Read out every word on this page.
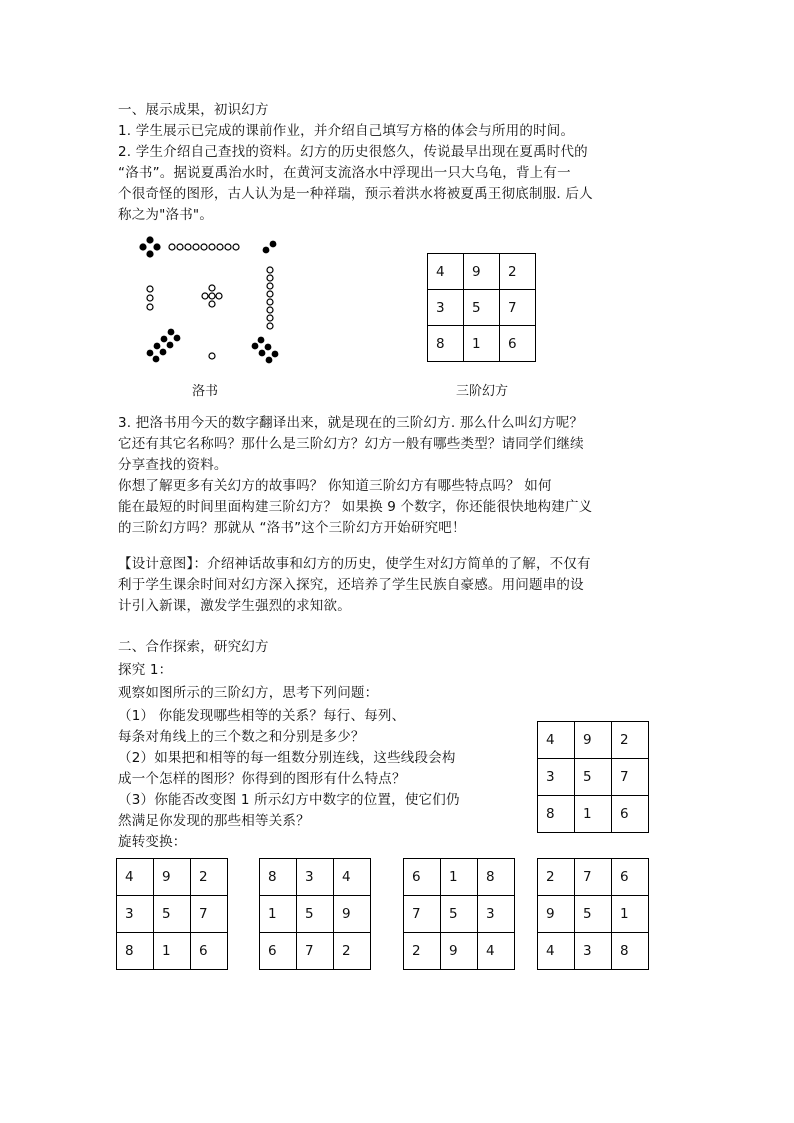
一、展示成果，初识幻方
1. 学生展示已完成的课前作业，并介绍自己填写方格的体会与所用的时间。
2. 学生介绍自己查找的资料。幻方的历史很悠久，传说最早出现在夏禹时代的
“洛书”。据说夏禹治水时，在黄河支流洛水中浮现出一只大乌龟，背上有一
个很奇怪的图形，古人认为是一种祥瑞，预示着洪水将被夏禹王彻底制服. 后人
称之为"洛书"。
洛书
4	9	2
3	5	7
8	1	6
三阶幻方
3. 把洛书用今天的数字翻译出来，就是现在的三阶幻方. 那么什么叫幻方呢？
它还有其它名称吗？那什么是三阶幻方？幻方一般有哪些类型？请同学们继续
分享查找的资料。
你想了解更多有关幻方的故事吗？ 你知道三阶幻方有哪些特点吗？ 如何
能在最短的时间里面构建三阶幻方？ 如果换 9 个数字，你还能很快地构建广义
的三阶幻方吗？那就从 “洛书”这个三阶幻方开始研究吧！
【设计意图】：介绍神话故事和幻方的历史，使学生对幻方简单的了解，不仅有
利于学生课余时间对幻方深入探究，还培养了学生民族自豪感。用问题串的设
计引入新课，激发学生强烈的求知欲。
二、合作探索，研究幻方
探究 1：
观察如图所示的三阶幻方，思考下列问题：
（1） 你能发现哪些相等的关系？每行、每列、
每条对角线上的三个数之和分别是多少？
（2）如果把和相等的每一组数分别连线，这些线段会构
成一个怎样的图形？你得到的图形有什么特点？
（3）你能否改变图 1 所示幻方中数字的位置，使它们仍
然满足你发现的那些相等关系？
旋转变换：
4	9	2
3	5	7
8	1	6
4	9	2
3	5	7
8	1	6
8	3	4
1	5	9
6	7	2
6	1	8
7	5	3
2	9	4
2	7	6
9	5	1
4	3	8
